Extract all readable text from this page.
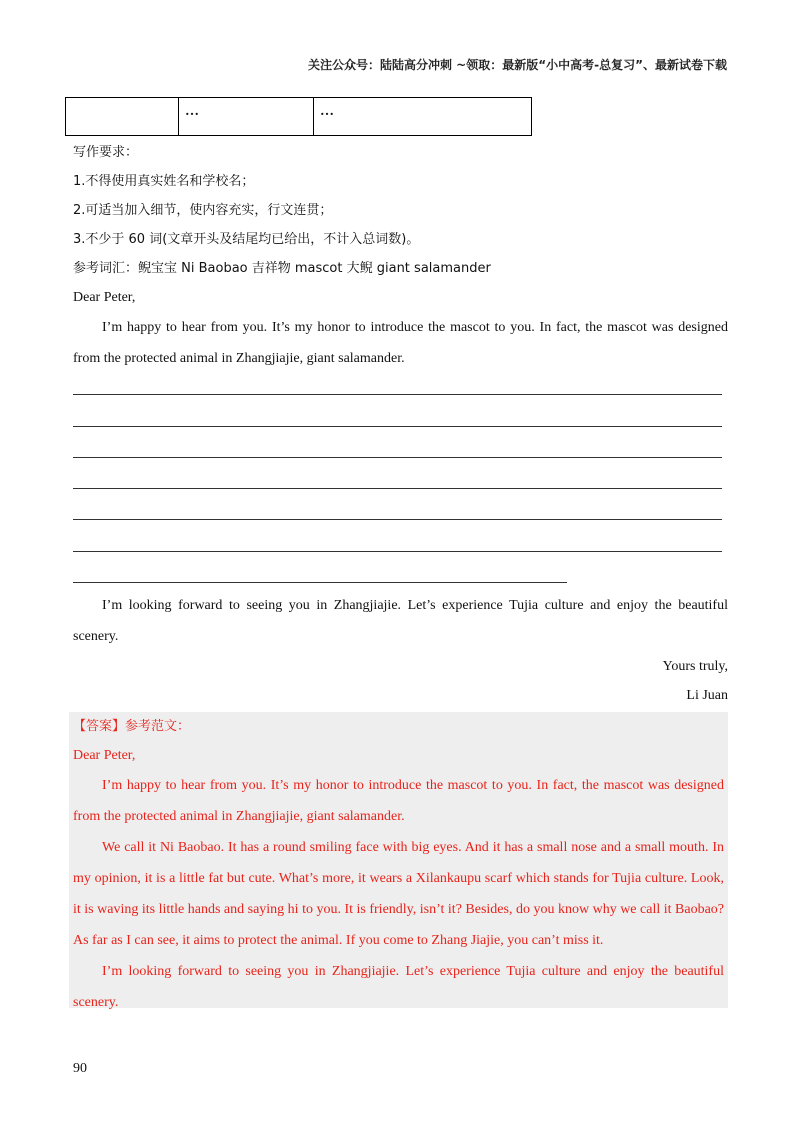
关注公众号：陆陆高分冲刺 ~领取：最新版“小中高考-总复习”、最新试卷下载
	…	…
写作要求：
1.不得使用真实姓名和学校名；
2.可适当加入细节，使内容充实，行文连贯；
3.不少于 60 词(文章开头及结尾均已给出，不计入总词数)。
参考词汇：鲵宝宝 Ni Baobao 吉祥物 mascot 大鲵 giant salamander
Dear Peter,

I’m happy to hear from you. It’s my honor to introduce the mascot to you. In fact, the mascot was designed from the protected animal in Zhangjiajie, giant salamander.

I’m looking forward to seeing you in Zhangjiajie. Let’s experience Tujia culture and enjoy the beautiful scenery.

Yours truly,
Li Juan
【答案】参考范文：
Dear Peter,

I’m happy to hear from you. It’s my honor to introduce the mascot to you. In fact, the mascot was designed from the protected animal in Zhangjiajie, giant salamander.

We call it Ni Baobao. It has a round smiling face with big eyes. And it has a small nose and a small mouth. In my opinion, it is a little fat but cute. What’s more, it wears a Xilankaupu scarf which stands for Tujia culture. Look, it is waving its little hands and saying hi to you. It is friendly, isn’t it? Besides, do you know why we call it Baobao? As far as I can see, it aims to protect the animal. If you come to Zhang Jiajie, you can’t miss it.

I’m looking forward to seeing you in Zhangjiajie. Let’s experience Tujia culture and enjoy the beautiful scenery.

90
